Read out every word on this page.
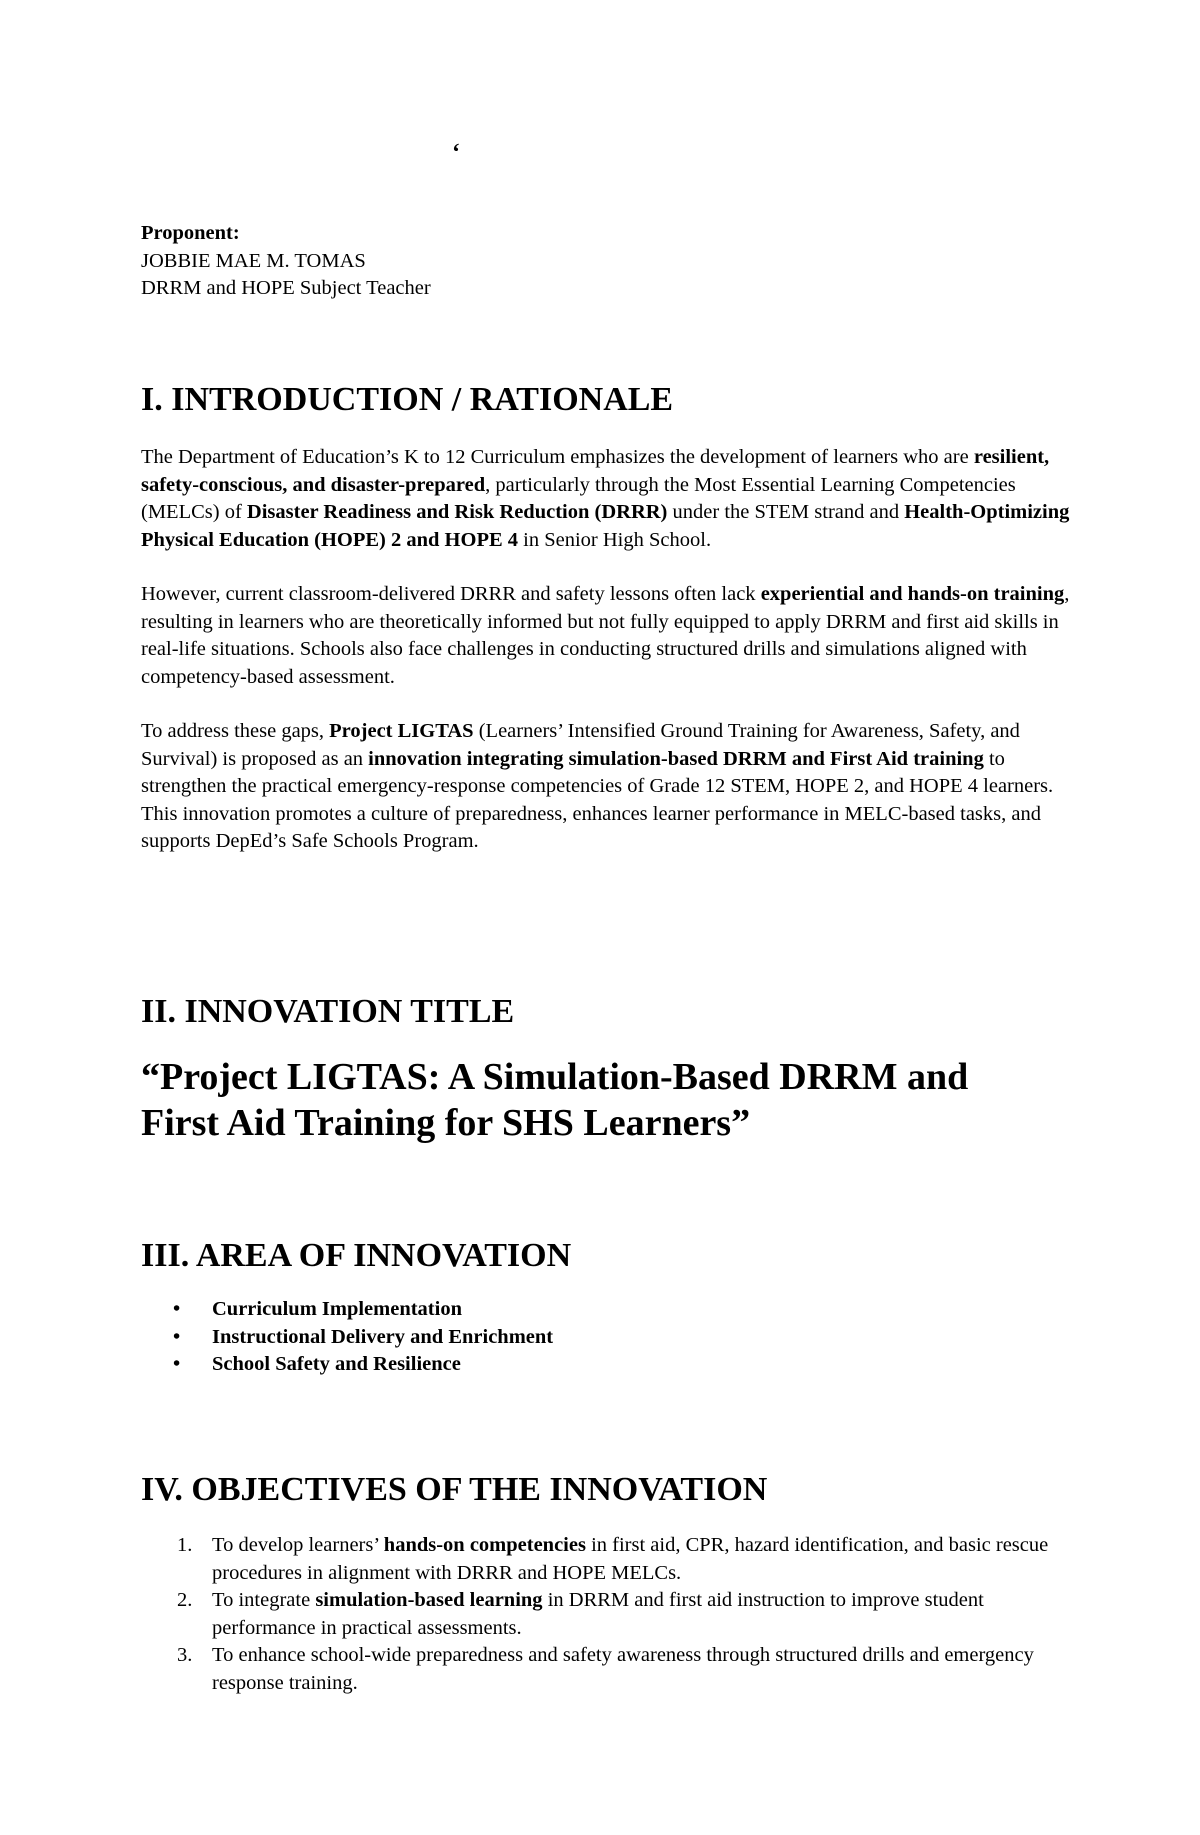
‘
Proponent:
JOBBIE MAE M. TOMAS
DRRM and HOPE Subject Teacher
I. INTRODUCTION / RATIONALE

The Department of Education’s K to 12 Curriculum emphasizes the development of learners who are resilient, safety-conscious, and disaster-prepared, particularly through the Most Essential Learning Competencies (MELCs) of Disaster Readiness and Risk Reduction (DRRR) under the STEM strand and Health-Optimizing Physical Education (HOPE) 2 and HOPE 4 in Senior High School.

However, current classroom-delivered DRRR and safety lessons often lack experiential and hands-on training, resulting in learners who are theoretically informed but not fully equipped to apply DRRM and first aid skills in real-life situations. Schools also face challenges in conducting structured drills and simulations aligned with competency-based assessment.

To address these gaps, Project LIGTAS (Learners’ Intensified Ground Training for Awareness, Safety, and Survival) is proposed as an innovation integrating simulation-based DRRM and First Aid training to strengthen the practical emergency-response competencies of Grade 12 STEM, HOPE 2, and HOPE 4 learners.

This innovation promotes a culture of preparedness, enhances learner performance in MELC-based tasks, and supports DepEd’s Safe Schools Program.

II. INNOVATION TITLE

“Project LIGTAS: A Simulation-Based DRRM and

First Aid Training for SHS Learners”

III. AREA OF INNOVATION
• Curriculum Implementation
• Instructional Delivery and Enrichment
• School Safety and Resilience
IV. OBJECTIVES OF THE INNOVATION
1. To develop learners’ hands-on competencies in first aid, CPR, hazard identification, and basic rescue procedures in alignment with DRRR and HOPE MELCs.
2. To integrate simulation-based learning in DRRM and first aid instruction to improve student performance in practical assessments.
3. To enhance school-wide preparedness and safety awareness through structured drills and emergency response training.
